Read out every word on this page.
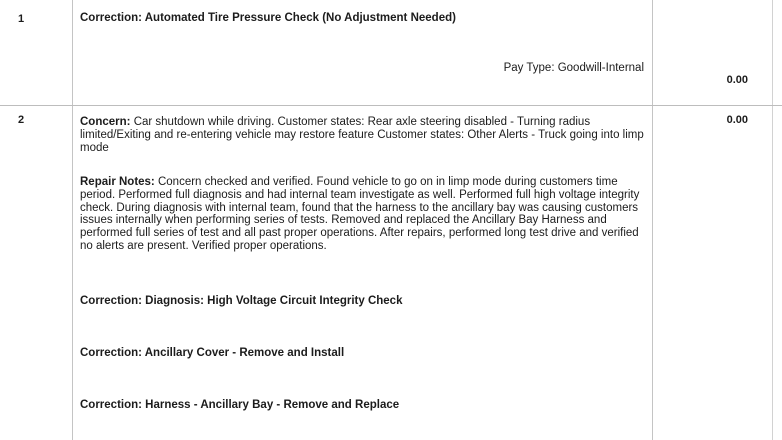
1	Correction: Automated Tire Pressure Check (No Adjustment Needed)
Pay Type: Goodwill-Internal
0.00
2	0.00
Concern: Car shutdown while driving. Customer states: Rear axle steering disabled - Turning radius limited/Exiting and re-entering vehicle may restore feature Customer states: Other Alerts - Truck going into limp mode
Repair Notes: Concern checked and verified. Found vehicle to go on in limp mode during customers time period. Performed full diagnosis and had internal team investigate as well. Performed full high voltage integrity check. During diagnosis with internal team, found that the harness to the ancillary bay was causing customers issues internally when performing series of tests. Removed and replaced the Ancillary Bay Harness and performed full series of test and all past proper operations. After repairs, performed long test drive and verified no alerts are present. Verified proper operations.
Correction: Diagnosis: High Voltage Circuit Integrity Check
Correction: Ancillary Cover - Remove and Install
Correction: Harness - Ancillary Bay - Remove and Replace
